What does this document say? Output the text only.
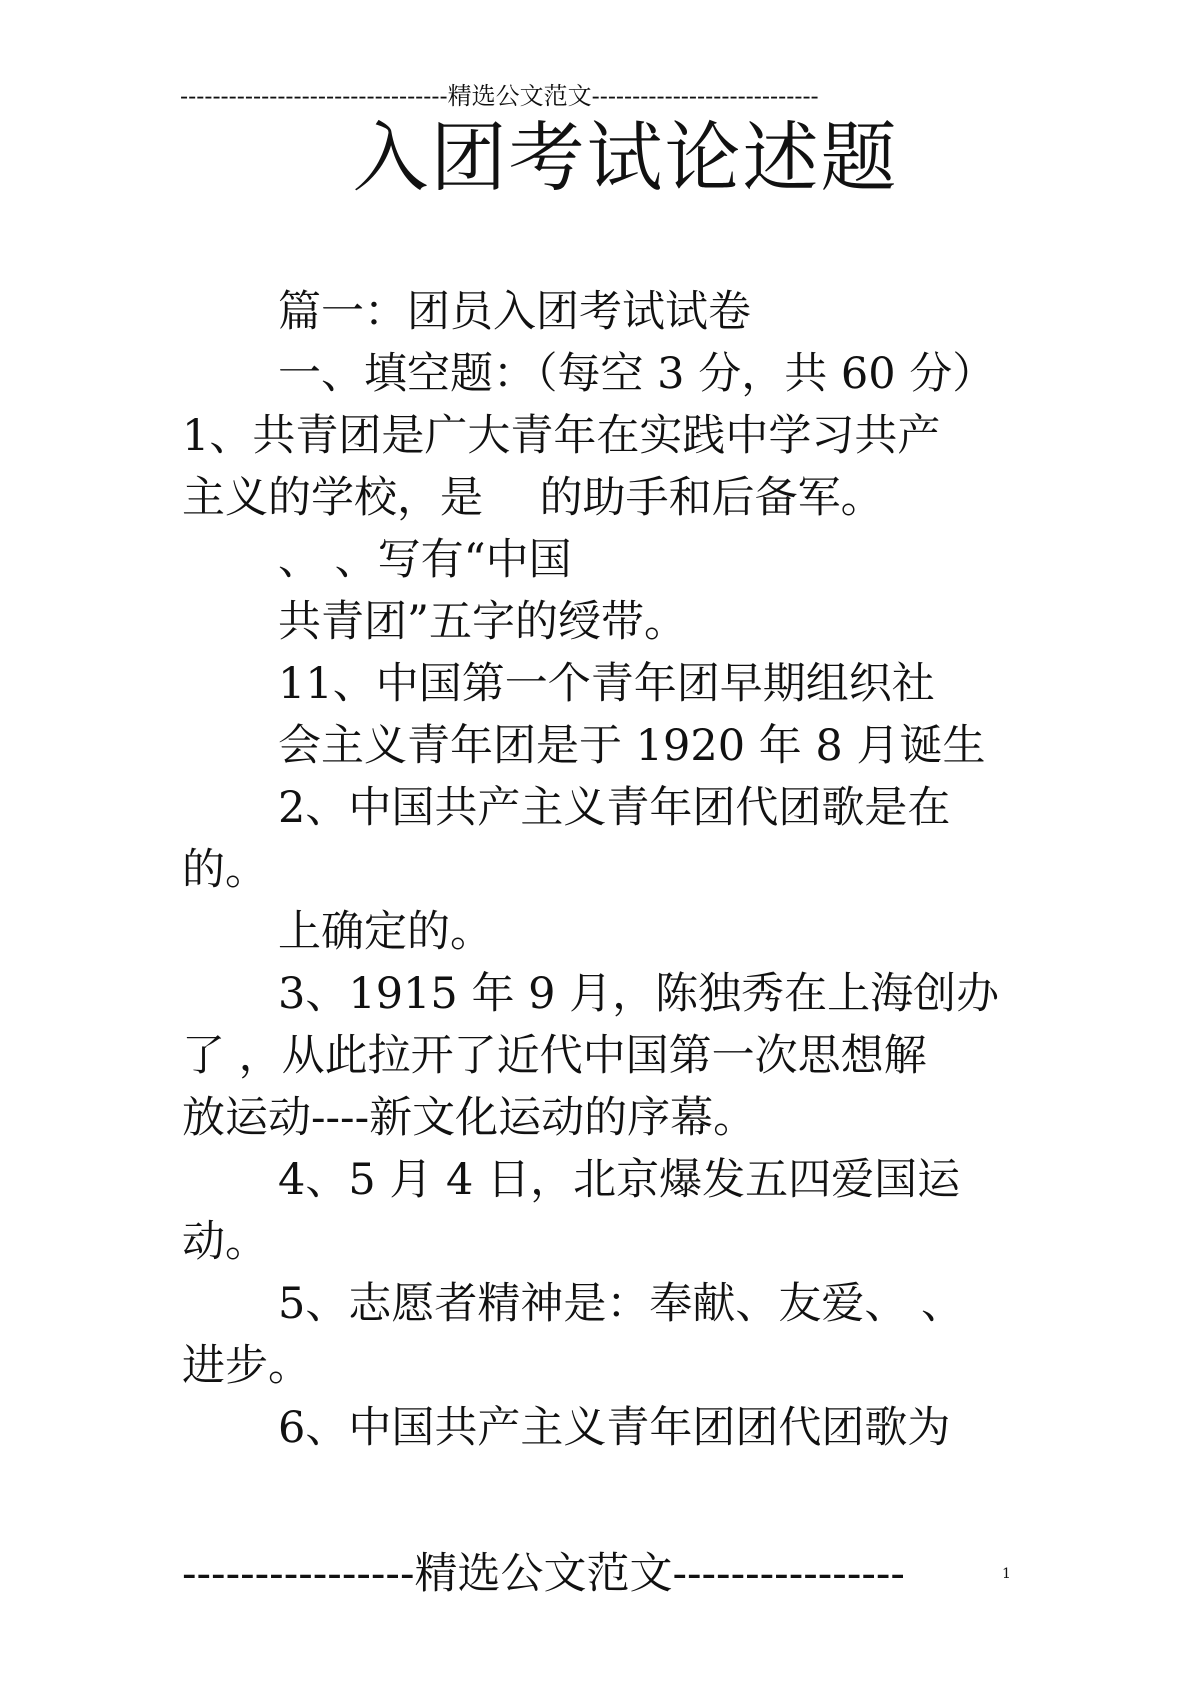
---------------------------------精选公文范文----------------------------
入团考试论述题
篇一：团员入团考试试卷
一、填空题：（每空 3 分，共 60 分）
1、共青团是广大青年在实践中学习共产
主义的学校，是　 的助手和后备军。
、 、写有“中国
共青团”五字的绶带。
11、中国第一个青年团早期组织社
会主义青年团是于 1920 年 8 月诞生
2、中国共产主义青年团代团歌是在
的。
上确定的。
3、1915 年 9 月，陈独秀在上海创办
了 ，从此拉开了近代中国第一次思想解
放运动----新文化运动的序幕。
4、5 月 4 日，北京爆发五四爱国运
动。
5、志愿者精神是：奉献、友爱、 、
进步。
6、中国共产主义青年团团代团歌为
----------------精选公文范文----------------	1
